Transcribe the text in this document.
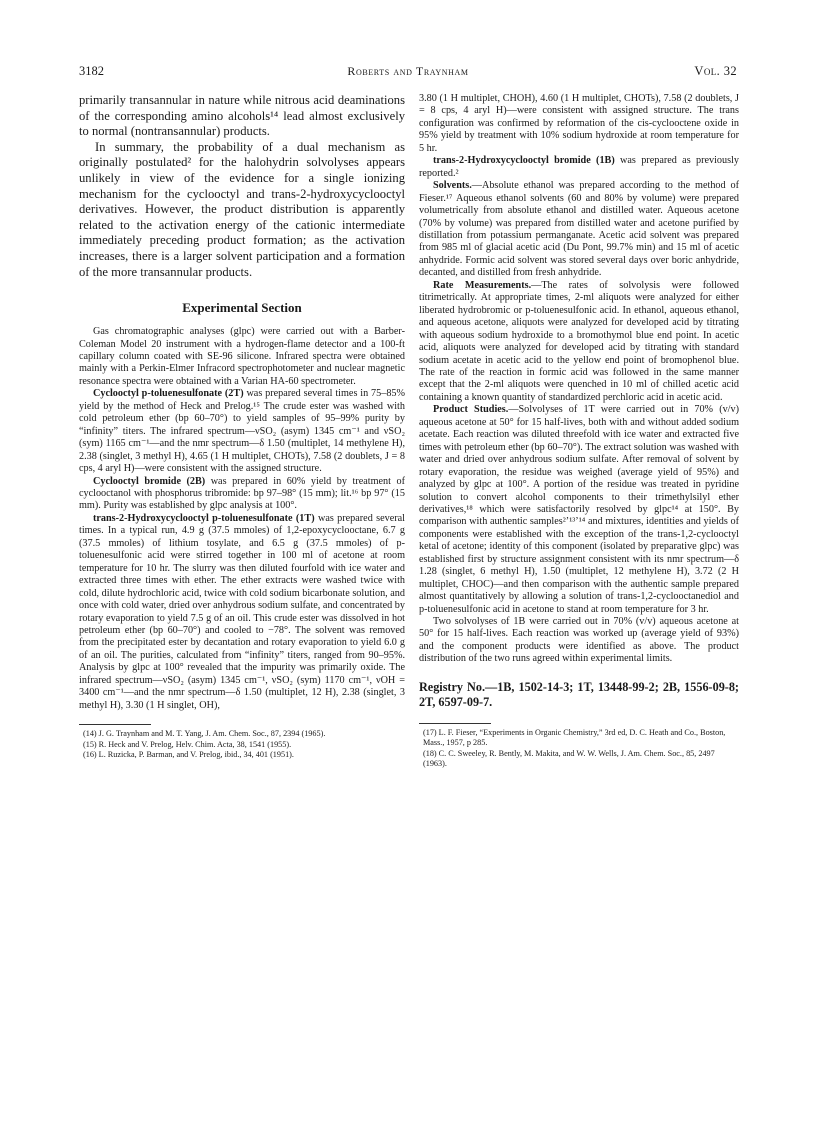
3182	Roberts and Traynham	Vol. 32

primarily transannular in nature while nitrous acid deaminations of the corresponding amino alcohols¹⁴ lead almost exclusively to normal (nontransannular) products.

In summary, the probability of a dual mechanism as originally postulated² for the halohydrin solvolyses appears unlikely in view of the evidence for a single ionizing mechanism for the cyclooctyl and trans-2-hydroxycyclooctyl derivatives. However, the product distribution is apparently related to the activation energy of the cationic intermediate immediately preceding product formation; as the activation increases, there is a larger solvent participation and a formation of the more transannular products.

Experimental Section

Gas chromatographic analyses (glpc) were carried out with a Barber-Coleman Model 20 instrument with a hydrogen-flame detector and a 100-ft capillary column coated with SE-96 silicone. Infrared spectra were obtained mainly with a Perkin-Elmer Infracord spectrophotometer and nuclear magnetic resonance spectra were obtained with a Varian HA-60 spectrometer.

Cyclooctyl p-toluenesulfonate (2T) was prepared several times in 75–85% yield by the method of Heck and Prelog.¹⁵ The crude ester was washed with cold petroleum ether (bp 60–70°) to yield samples of 95–99% purity by “infinity” titers. The infrared spectrum—νSO₂ (asym) 1345 cm⁻¹ and νSO₂ (sym) 1165 cm⁻¹—and the nmr spectrum—δ 1.50 (multiplet, 14 methylene H), 2.38 (singlet, 3 methyl H), 4.65 (1 H multiplet, CHOTs), 7.58 (2 doublets, J = 8 cps, 4 aryl H)—were consistent with the assigned structure.

Cyclooctyl bromide (2B) was prepared in 60% yield by treatment of cyclooctanol with phosphorus tribromide: bp 97–98° (15 mm); lit.¹⁶ bp 97° (15 mm). Purity was established by glpc analysis at 100°.

trans-2-Hydroxycyclooctyl p-toluenesulfonate (1T) was prepared several times. In a typical run, 4.9 g (37.5 mmoles) of 1,2-epoxycyclooctane, 6.7 g (37.5 mmoles) of lithium tosylate, and 6.5 g (37.5 mmoles) of p-toluenesulfonic acid were stirred together in 100 ml of acetone at room temperature for 10 hr. The slurry was then diluted fourfold with ice water and extracted three times with ether. The ether extracts were washed twice with cold, dilute hydrochloric acid, twice with cold sodium bicarbonate solution, and once with cold water, dried over anhydrous sodium sulfate, and concentrated by rotary evaporation to yield 7.5 g of an oil. This crude ester was dissolved in hot petroleum ether (bp 60–70°) and cooled to −78°. The solvent was removed from the precipitated ester by decantation and rotary evaporation to yield 6.0 g of an oil. The purities, calculated from “infinity” titers, ranged from 90–95%. Analysis by glpc at 100° revealed that the impurity was primarily oxide. The infrared spectrum—νSO₂ (asym) 1345 cm⁻¹, νSO₂ (sym) 1170 cm⁻¹, νOH = 3400 cm⁻¹—and the nmr spectrum—δ 1.50 (multiplet, 12 H), 2.38 (singlet, 3 methyl H), 3.30 (1 H singlet, OH),

(14) J. G. Traynham and M. T. Yang, J. Am. Chem. Soc., 87, 2394 (1965).

(15) R. Heck and V. Prelog, Helv. Chim. Acta, 38, 1541 (1955).

(16) L. Ruzicka, P. Barman, and V. Prelog, ibid., 34, 401 (1951).

3.80 (1 H multiplet, CHOH), 4.60 (1 H multiplet, CHOTs), 7.58 (2 doublets, J = 8 cps, 4 aryl H)—were consistent with assigned structure. The trans configuration was confirmed by reformation of the cis-cyclooctene oxide in 95% yield by treatment with 10% sodium hydroxide at room temperature for 5 hr.

trans-2-Hydroxycyclooctyl bromide (1B) was prepared as previously reported.²

Solvents.—Absolute ethanol was prepared according to the method of Fieser.¹⁷ Aqueous ethanol solvents (60 and 80% by volume) were prepared volumetrically from absolute ethanol and distilled water. Aqueous acetone (70% by volume) was prepared from distilled water and acetone purified by distillation from potassium permanganate. Acetic acid solvent was prepared from 985 ml of glacial acetic acid (Du Pont, 99.7% min) and 15 ml of acetic anhydride. Formic acid solvent was stored several days over boric anhydride, decanted, and distilled from fresh anhydride.

Rate Measurements.—The rates of solvolysis were followed titrimetrically. At appropriate times, 2-ml aliquots were analyzed for either liberated hydrobromic or p-toluenesulfonic acid. In ethanol, aqueous ethanol, and aqueous acetone, aliquots were analyzed for developed acid by titrating with aqueous sodium hydroxide to a bromothymol blue end point. In acetic acid, aliquots were analyzed for developed acid by titrating with standard sodium acetate in acetic acid to the yellow end point of bromophenol blue. The rate of the reaction in formic acid was followed in the same manner except that the 2-ml aliquots were quenched in 10 ml of chilled acetic acid containing a known quantity of standardized perchloric acid in acetic acid.

Product Studies.—Solvolyses of 1T were carried out in 70% (v/v) aqueous acetone at 50° for 15 half-lives, both with and without added sodium acetate. Each reaction was diluted threefold with ice water and extracted five times with petroleum ether (bp 60–70°). The extract solution was washed with water and dried over anhydrous sodium sulfate. After removal of solvent by rotary evaporation, the residue was weighed (average yield of 95%) and analyzed by glpc at 100°. A portion of the residue was treated in pyridine solution to convert alcohol components to their trimethylsilyl ether derivatives,¹⁸ which were satisfactorily resolved by glpc¹⁴ at 150°. By comparison with authentic samples²ʼ¹³ʼ¹⁴ and mixtures, identities and yields of components were established with the exception of the trans-1,2-cyclooctyl ketal of acetone; identity of this component (isolated by preparative glpc) was established first by structure assignment consistent with its nmr spectrum—δ 1.28 (singlet, 6 methyl H), 1.50 (multiplet, 12 methylene H), 3.72 (2 H multiplet, CHOC)—and then comparison with the authentic sample prepared almost quantitatively by allowing a solution of trans-1,2-cyclooctanediol and p-toluenesulfonic acid in acetone to stand at room temperature for 3 hr.

Two solvolyses of 1B were carried out in 70% (v/v) aqueous acetone at 50° for 15 half-lives. Each reaction was worked up (average yield of 93%) and the component products were identified as above. The product distribution of the two runs agreed within experimental limits.

Registry No.—1B, 1502-14-3; 1T, 13448-99-2; 2B, 1556-09-8; 2T, 6597-09-7.

(17) L. F. Fieser, “Experiments in Organic Chemistry,” 3rd ed, D. C. Heath and Co., Boston, Mass., 1957, p 285.

(18) C. C. Sweeley, R. Bently, M. Makita, and W. W. Wells, J. Am. Chem. Soc., 85, 2497 (1963).
